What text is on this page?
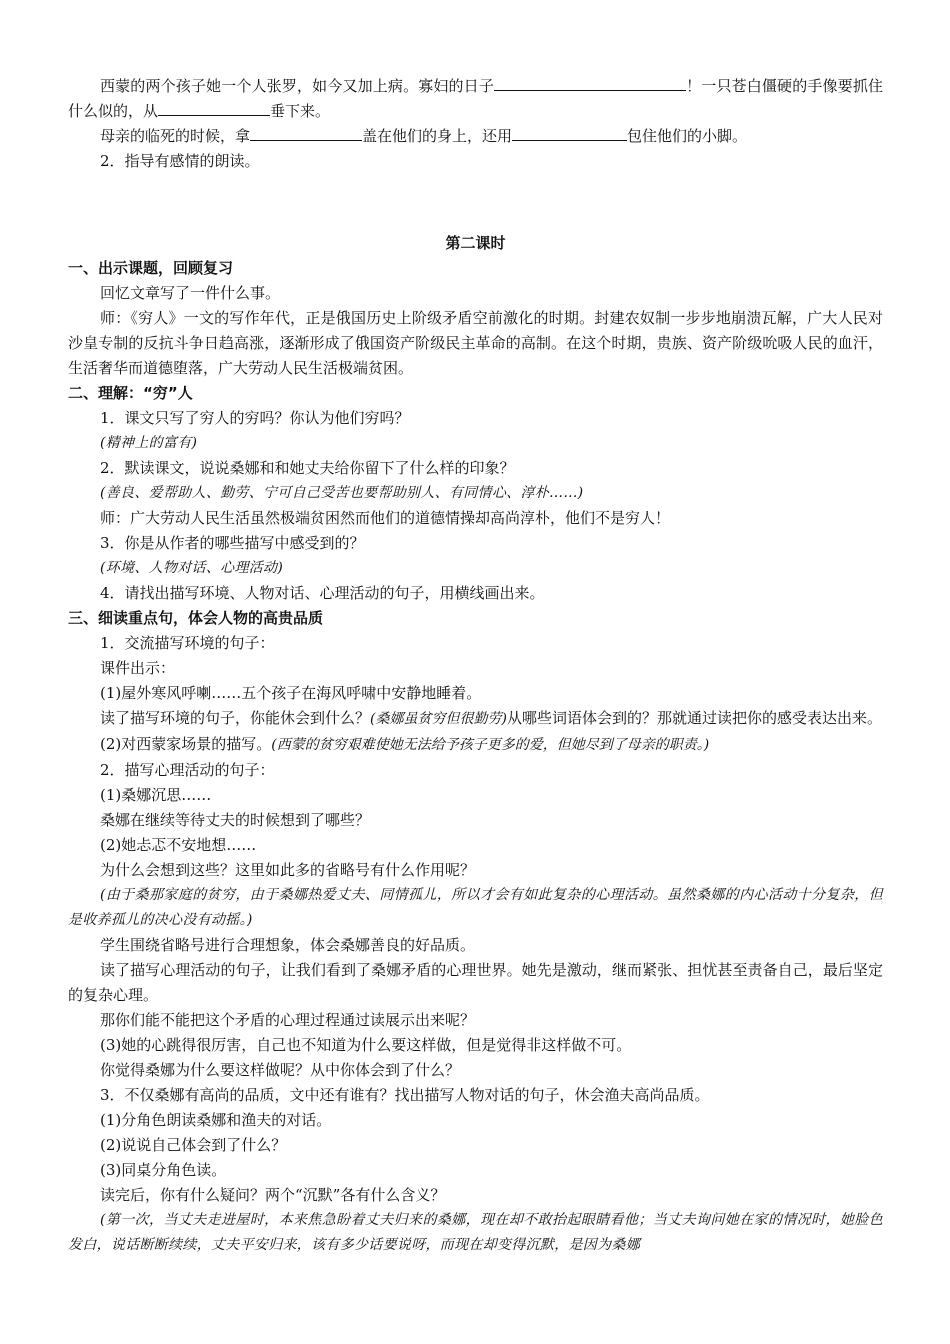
西蒙的两个孩子她一个人张罗，如今又加上病。寡妇的日子	！一只苍白僵硬的手像要抓住什么似的，从	垂下来。

母亲的临死的时候，拿	盖在他们的身上，还用	包住他们的小脚。

2．指导有感情的朗读。

第二课时

一、出示课题，回顾复习

回忆文章写了一件什么事。

师：《穷人》一文的写作年代，正是俄国历史上阶级矛盾空前激化的时期。封建农奴制一步步地崩溃瓦解，广大人民对沙皇专制的反抗斗争日趋高涨，逐渐形成了俄国资产阶级民主革命的高制。在这个时期，贵族、资产阶级吮吸人民的血汗，生活奢华而道德堕落，广大劳动人民生活极端贫困。

二、理解：“穷”人

1．课文只写了穷人的穷吗？你认为他们穷吗？

(精神上的富有)

2．默读课文，说说桑娜和和她丈夫给你留下了什么样的印象？

(善良、爱帮助人、勤劳、宁可自己受苦也要帮助别人、有同情心、淳朴……)

师：广大劳动人民生活虽然极端贫困然而他们的道德情操却高尚淳朴，他们不是穷人！

3．你是从作者的哪些描写中感受到的？

(环境、人物对话、心理活动)

4．请找出描写环境、人物对话、心理活动的句子，用横线画出来。

三、细读重点句，体会人物的高贵品质

1．交流描写环境的句子：

课件出示：

(1)屋外寒风呼喇……五个孩子在海风呼啸中安静地睡着。

读了描写环境的句子，你能休会到什么？(桑娜虽贫穷但很勤劳)从哪些词语体会到的？那就通过读把你的感受表达出来。

(2)对西蒙家场景的描写。(西蒙的贫穷艰难使她无法给予孩子更多的爱，但她尽到了母亲的职责。)

2．描写心理活动的句子：

(1)桑娜沉思……

桑娜在继续等待丈夫的时候想到了哪些？

(2)她忐忑不安地想……

为什么会想到这些？这里如此多的省略号有什么作用呢？

(由于桑那家庭的贫穷，由于桑娜热爱丈夫、同情孤儿，所以才会有如此复杂的心理活动。虽然桑娜的内心活动十分复杂，但是收养孤儿的决心没有动摇。)

学生围绕省略号进行合理想象，体会桑娜善良的好品质。

读了描写心理活动的句子，让我们看到了桑娜矛盾的心理世界。她先是激动，继而紧张、担忧甚至责备自己，最后坚定的复杂心理。

那你们能不能把这个矛盾的心理过程通过读展示出来呢？

(3)她的心跳得很厉害，自己也不知道为什么要这样做，但是觉得非这样做不可。

你觉得桑娜为什么要这样做呢？从中你体会到了什么？

3．不仅桑娜有高尚的品质，文中还有谁有？找出描写人物对话的句子，休会渔夫高尚品质。

(1)分角色朗读桑娜和渔夫的对话。

(2)说说自己体会到了什么？

(3)同桌分角色读。

读完后，你有什么疑问？两个“沉默”各有什么含义？

(第一次，当丈夫走进屋时，本来焦急盼着丈夫归来的桑娜，现在却不敢抬起眼睛看他；当丈夫询问她在家的情况时，她脸色发白，说话断断续续，丈夫平安归来，该有多少话要说呀，而现在却变得沉默，是因为桑娜
